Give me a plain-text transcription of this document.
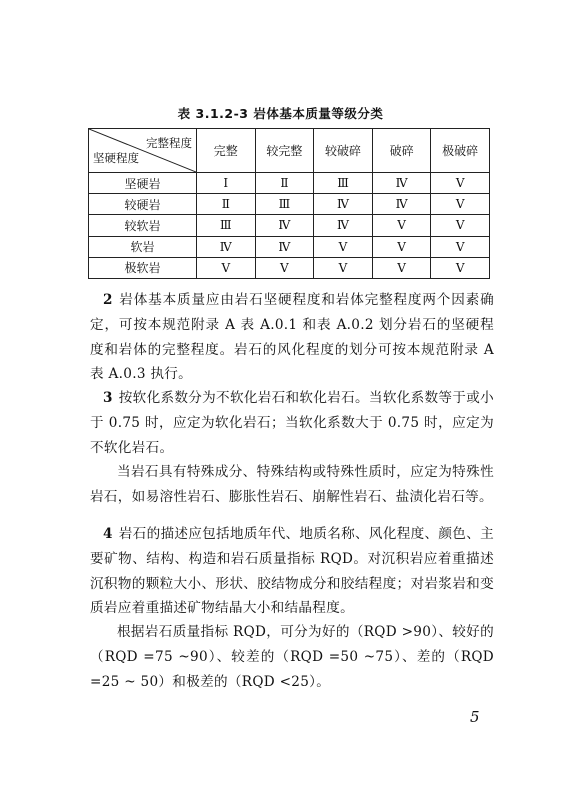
表 3.1.2-3 岩体基本质量等级分类
完整程度
坚硬程度	完整	较完整	较破碎	破碎	极破碎
坚硬岩	Ⅰ	Ⅱ	Ⅲ	Ⅳ	Ⅴ
较硬岩	Ⅱ	Ⅲ	Ⅳ	Ⅳ	Ⅴ
较软岩	Ⅲ	Ⅳ	Ⅳ	Ⅴ	Ⅴ
软岩	Ⅳ	Ⅳ	Ⅴ	Ⅴ	Ⅴ
极软岩	Ⅴ	Ⅴ	Ⅴ	Ⅴ	Ⅴ

2 岩体基本质量应由岩石坚硬程度和岩体完整程度两个因素确定，可按本规范附录 A 表 A.0.1 和表 A.0.2 划分岩石的坚硬程度和岩体的完整程度。岩石的风化程度的划分可按本规范附录 A 表 A.0.3 执行。

3 按软化系数分为不软化岩石和软化岩石。当软化系数等于或小于 0.75 时，应定为软化岩石；当软化系数大于 0.75 时，应定为不软化岩石。

当岩石具有特殊成分、特殊结构或特殊性质时，应定为特殊性岩石，如易溶性岩石、膨胀性岩石、崩解性岩石、盐渍化岩石等。

4 岩石的描述应包括地质年代、地质名称、风化程度、颜色、主要矿物、结构、构造和岩石质量指标 RQD。对沉积岩应着重描述沉积物的颗粒大小、形状、胶结物成分和胶结程度；对岩浆岩和变质岩应着重描述矿物结晶大小和结晶程度。

根据岩石质量指标 RQD，可分为好的（RQD >90）、较好的（RQD =75 ~90）、较差的（RQD =50 ~75）、差的（RQD =25 ~ 50）和极差的（RQD <25）。

5
